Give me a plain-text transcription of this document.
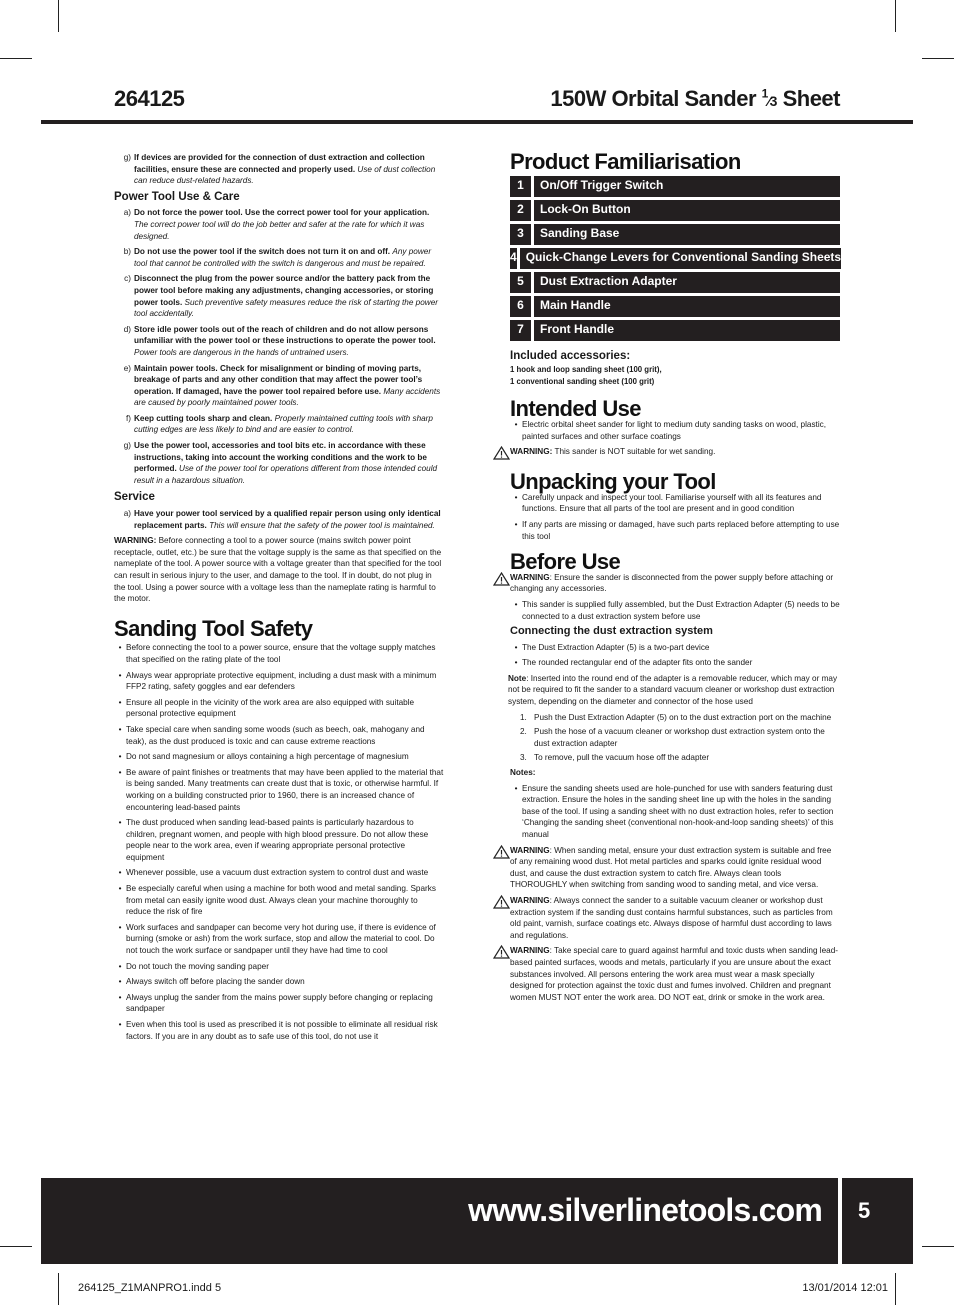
264125	150W Orbital Sander $^1$⁄3 Sheet
g) If devices are provided for the connection of dust extraction and collection facilities, ensure these are connected and properly used. Use of dust collection can reduce dust-related hazards.
Power Tool Use & Care
a) Do not force the power tool. Use the correct power tool for your application. The correct power tool will do the job better and safer at the rate for which it was designed.
b) Do not use the power tool if the switch does not turn it on and off. Any power tool that cannot be controlled with the switch is dangerous and must be repaired.
c) Disconnect the plug from the power source and/or the battery pack from the power tool before making any adjustments, changing accessories, or storing power tools. Such preventive safety measures reduce the risk of starting the power tool accidentally.
d) Store idle power tools out of the reach of children and do not allow persons unfamiliar with the power tool or these instructions to operate the power tool. Power tools are dangerous in the hands of untrained users.
e) Maintain power tools. Check for misalignment or binding of moving parts, breakage of parts and any other condition that may affect the power tool’s operation. If damaged, have the power tool repaired before use. Many accidents are caused by poorly maintained power tools.
f) Keep cutting tools sharp and clean. Properly maintained cutting tools with sharp cutting edges are less likely to bind and are easier to control.
g) Use the power tool, accessories and tool bits etc. in accordance with these instructions, taking into account the working conditions and the work to be performed. Use of the power tool for operations different from those intended could result in a hazardous situation.
Service
a) Have your power tool serviced by a qualified repair person using only identical replacement parts. This will ensure that the safety of the power tool is maintained.
WARNING: Before connecting a tool to a power source (mains switch power point receptacle, outlet, etc.) be sure that the voltage supply is the same as that specified on the nameplate of the tool. A power source with a voltage greater than that specified for the tool can result in serious injury to the user, and damage to the tool. If in doubt, do not plug in the tool. Using a power source with a voltage less than the nameplate rating is harmful to the motor.
Sanding Tool Safety
• Before connecting the tool to a power source, ensure that the voltage supply matches that specified on the rating plate of the tool
• Always wear appropriate protective equipment, including a dust mask with a minimum FFP2 rating, safety goggles and ear defenders
• Ensure all people in the vicinity of the work area are also equipped with suitable personal protective equipment
• Take special care when sanding some woods (such as beech, oak, mahogany and teak), as the dust produced is toxic and can cause extreme reactions
• Do not sand magnesium or alloys containing a high percentage of magnesium
• Be aware of paint finishes or treatments that may have been applied to the material that is being sanded. Many treatments can create dust that is toxic, or otherwise harmful. If working on a building constructed prior to 1960, there is an increased chance of encountering lead-based paints
• The dust produced when sanding lead-based paints is particularly hazardous to children, pregnant women, and people with high blood pressure. Do not allow these people near to the work area, even if wearing appropriate personal protective equipment
• Whenever possible, use a vacuum dust extraction system to control dust and waste
• Be especially careful when using a machine for both wood and metal sanding. Sparks from metal can easily ignite wood dust. Always clean your machine thoroughly to reduce the risk of fire
• Work surfaces and sandpaper can become very hot during use, if there is evidence of burning (smoke or ash) from the work surface, stop and allow the material to cool. Do not touch the work surface or sandpaper until they have had time to cool
• Do not touch the moving sanding paper
• Always switch off before placing the sander down
• Always unplug the sander from the mains power supply before changing or replacing sandpaper
• Even when this tool is used as prescribed it is not possible to eliminate all residual risk factors. If you are in any doubt as to safe use of this tool, do not use it
Product Familiarisation
1	On/Off Trigger Switch
2	Lock-On Button
3	Sanding Base
4 Quick-Change Levers for Conventional Sanding Sheets
5	Dust Extraction Adapter
6	Main Handle
7	Front Handle
Included accessories:
1 hook and loop sanding sheet (100 grit),
1 conventional sanding sheet (100 grit)
Intended Use
• Electric orbital sheet sander for light to medium duty sanding tasks on wood, plastic, painted surfaces and other surface coatings
WARNING: This sander is NOT suitable for wet sanding.
Unpacking your Tool
• Carefully unpack and inspect your tool. Familiarise yourself with all its features and functions. Ensure that all parts of the tool are present and in good condition
• If any parts are missing or damaged, have such parts replaced before attempting to use this tool
Before Use
WARNING: Ensure the sander is disconnected from the power supply before attaching or changing any accessories.
• This sander is supplied fully assembled, but the Dust Extraction Adapter (5) needs to be connected to a dust extraction system before use
Connecting the dust extraction system
• The Dust Extraction Adapter (5) is a two-part device
• The rounded rectangular end of the adapter fits onto the sander
Note: Inserted into the round end of the adapter is a removable reducer, which may or may not be required to fit the sander to a standard vacuum cleaner or workshop dust extraction system, depending on the diameter and connector of the hose used
1. Push the Dust Extraction Adapter (5) on to the dust extraction port on the machine
2. Push the hose of a vacuum cleaner or workshop dust extraction system onto the dust extraction adapter
3. To remove, pull the vacuum hose off the adapter
Notes:
• Ensure the sanding sheets used are hole-punched for use with sanders featuring dust extraction. Ensure the holes in the sanding sheet line up with the holes in the sanding base of the tool. If using a sanding sheet with no dust extraction holes, refer to section ‘Changing the sanding sheet (conventional non-hook-and-loop sanding sheets)’ of this manual
WARNING: When sanding metal, ensure your dust extraction system is suitable and free of any remaining wood dust. Hot metal particles and sparks could ignite residual wood dust, and cause the dust extraction system to catch fire. Always clean tools THOROUGHLY when switching from sanding wood to sanding metal, and vice versa.
WARNING: Always connect the sander to a suitable vacuum cleaner or workshop dust extraction system if the sanding dust contains harmful substances, such as particles from old paint, varnish, surface coatings etc. Always dispose of harmful dust according to laws and regulations.
WARNING: Take special care to guard against harmful and toxic dusts when sanding lead-based painted surfaces, woods and metals, particularly if you are unsure about the exact substances involved. All persons entering the work area must wear a mask specially designed for protection against the toxic dust and fumes involved. Children and pregnant women MUST NOT enter the work area. DO NOT eat, drink or smoke in the work area.
www.silverlinetools.com 5
264125_Z1MANPRO1.indd 5	13/01/2014 12:01
